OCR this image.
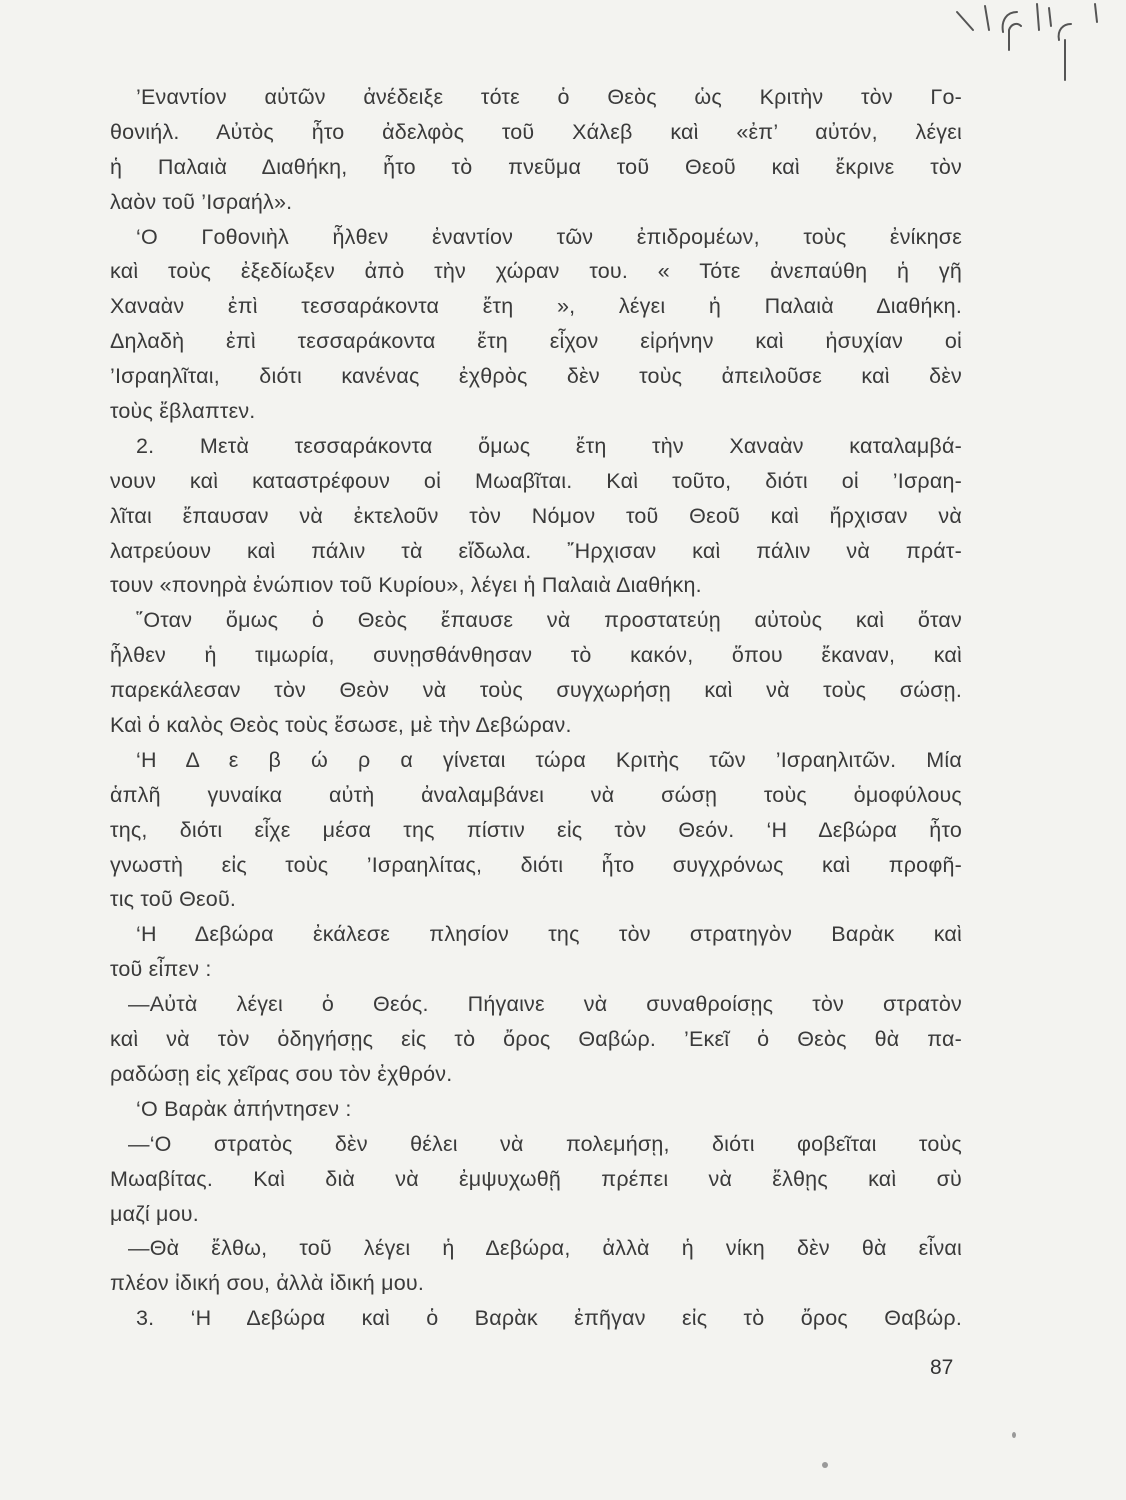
’Εναντίον αὐτῶν ἀνέδειξε τότε ὁ Θεὸς ὡς Κριτὴν τὸν Γο-
θονιήλ. Αὐτὸς ἦτο ἀδελφὸς τοῦ Χάλεβ καὶ «ἐπ’ αὐτόν, λέγει
ἡ Παλαιὰ Διαθήκη, ἦτο τὸ πνεῦμα τοῦ Θεοῦ καὶ ἔκρινε τὸν
λαὸν τοῦ ’Ισραήλ».
‘Ο Γοθονιὴλ ἦλθεν ἐναντίον τῶν ἐπιδρομέων, τοὺς ἐνίκησε
καὶ τοὺς ἐξεδίωξεν ἀπὸ τὴν χώραν του. « Τότε ἀνεπαύθη ἡ γῆ
Χαναὰν ἐπὶ τεσσαράκοντα ἔτη », λέγει ἡ Παλαιὰ Διαθήκη.
Δηλαδὴ ἐπὶ τεσσαράκοντα ἔτη εἶχον εἰρήνην καὶ ἡσυχίαν οἱ
’Ισραηλῖται, διότι κανένας ἐχθρὸς δὲν τοὺς ἀπειλοῦσε καὶ δὲν
τοὺς ἔβλαπτεν.
2. Μετὰ τεσσαράκοντα ὅμως ἔτη τὴν Χαναὰν καταλαμβά-
νουν καὶ καταστρέφουν οἱ Μωαβῖται. Καὶ τοῦτο, διότι οἱ ’Ισραη-
λῖται ἔπαυσαν νὰ ἐκτελοῦν τὸν Νόμον τοῦ Θεοῦ καὶ ἤρχισαν νὰ
λατρεύουν καὶ πάλιν τὰ εἴδωλα. ῎Ηρχισαν καὶ πάλιν νὰ πράτ-
τουν «πονηρὰ ἐνώπιον τοῦ Κυρίου», λέγει ἡ Παλαιὰ Διαθήκη.
῞Οταν ὅμως ὁ Θεὸς ἔπαυσε νὰ προστατεύῃ αὐτοὺς καὶ ὅταν
ἦλθεν ἡ τιμωρία, συνῃσθάνθησαν τὸ κακόν, ὅπου ἔκαναν, καὶ
παρεκάλεσαν τὸν Θεὸν νὰ τοὺς συγχωρήσῃ καὶ νὰ τοὺς σώσῃ.
Καὶ ὁ καλὸς Θεὸς τοὺς ἔσωσε, μὲ τὴν Δεβώραν.
‘Η Δ ε β ώ ρ α γίνεται τώρα Κριτὴς τῶν ’Ισραηλιτῶν. Μία
ἁπλῆ γυναίκα αὐτὴ ἀναλαμβάνει νὰ σώσῃ τοὺς ὁμοφύλους
της, διότι εἶχε μέσα της πίστιν εἰς τὸν Θεόν. ‘Η Δεβώρα ἦτο
γνωστὴ εἰς τοὺς ’Ισραηλίτας, διότι ἦτο συγχρόνως καὶ προφῆ-
τις τοῦ Θεοῦ.
‘Η Δεβώρα ἐκάλεσε πλησίον της τὸν στρατηγὸν Βαρὰκ καὶ
τοῦ εἶπεν :
—Αὐτὰ λέγει ὁ Θεός. Πήγαινε νὰ συναθροίσῃς τὸν στρατὸν
καὶ νὰ τὸν ὁδηγήσῃς εἰς τὸ ὄρος Θαβώρ. ’Εκεῖ ὁ Θεὸς θὰ πα-
ραδώσῃ εἰς χεῖρας σου τὸν ἐχθρόν.
‘Ο Βαρὰκ ἀπήντησεν :
—‘Ο στρατὸς δὲν θέλει νὰ πολεμήσῃ, διότι φοβεῖται τοὺς
Μωαβίτας. Καὶ διὰ νὰ ἐμψυχωθῇ πρέπει νὰ ἔλθῃς καὶ σὺ
μαζί μου.
—Θὰ ἔλθω, τοῦ λέγει ἡ Δεβώρα, ἀλλὰ ἡ νίκη δὲν θὰ εἶναι
πλέον ἰδική σου, ἀλλὰ ἰδική μου.
3. ‘Η Δεβώρα καὶ ὁ Βαρὰκ ἐπῆγαν εἰς τὸ ὄρος Θαβώρ.
87
